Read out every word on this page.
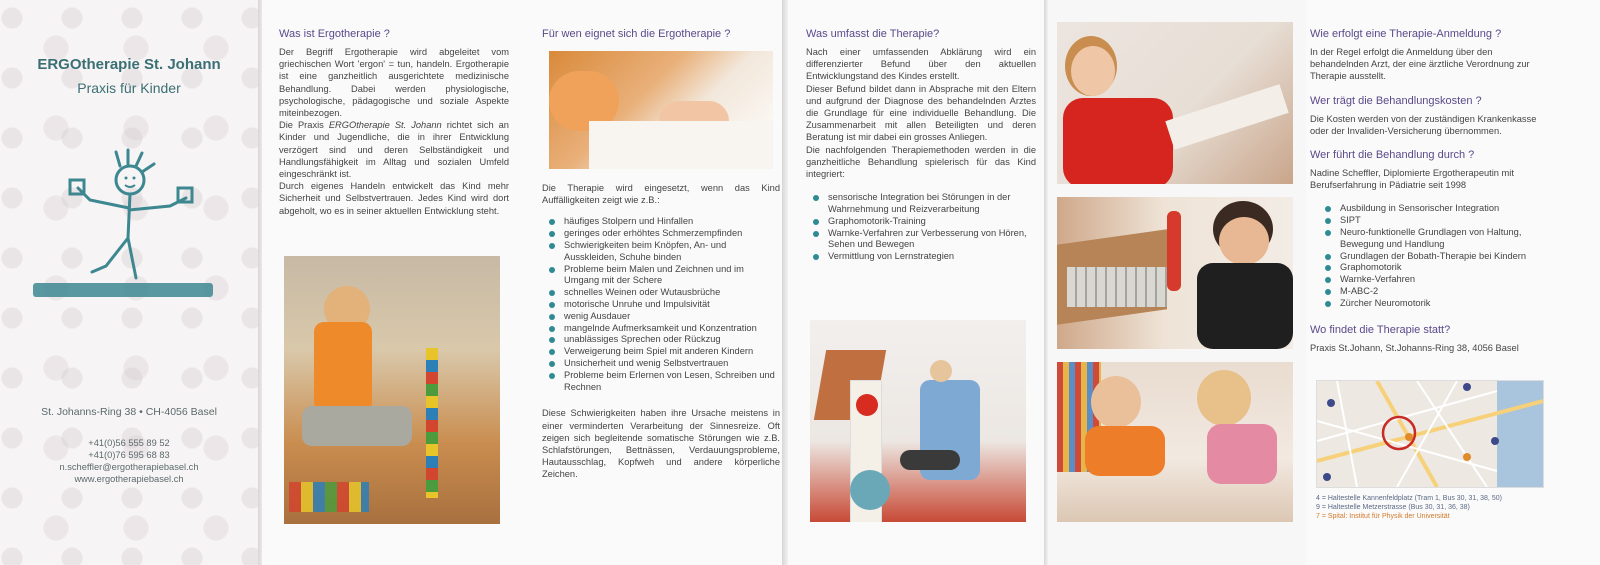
ERGOtherapie St. Johann
Praxis für Kinder
St. Johanns-Ring 38 • CH-4056 Basel
+41(0)56 555 89 52
+41(0)76 595 68 83
n.scheffler@ergotherapiebasel.ch
www.ergotherapiebasel.ch
Was ist Ergotherapie ?

Der Begriff Ergotherapie wird abgeleitet vom griechischen Wort 'ergon' = tun, handeln. Ergotherapie ist eine ganzheitlich ausgerichtete medizinische Behandlung. Dabei werden physiologische, psychologische, pädagogische und soziale Aspekte miteinbezogen.

Die Praxis ERGOtherapie St. Johann richtet sich an Kinder und Jugendliche, die in ihrer Entwicklung verzögert sind und deren Selbständigkeit und Handlungsfähigkeit im Alltag und sozialen Umfeld eingeschränkt ist.

Durch eigenes Handeln entwickelt das Kind mehr Sicherheit und Selbstvertrauen. Jedes Kind wird dort abgeholt, wo es in seiner aktuellen Entwicklung steht.

Für wen eignet sich die Ergotherapie ?

Die Therapie wird eingesetzt, wenn das Kind Auffälligkeiten zeigt wie z.B.:

häufiges Stolpern und Hinfallen
geringes oder erhöhtes Schmerzempfinden
Schwierigkeiten beim Knöpfen, An- und Ausskleiden, Schuhe binden
Probleme beim Malen und Zeichnen und im Umgang mit der Schere
schnelles Weinen oder Wutausbrüche
motorische Unruhe und Impulsivität
wenig Ausdauer
mangelnde Aufmerksamkeit und Konzentration
unablässiges Sprechen oder Rückzug
Verweigerung beim Spiel mit anderen Kindern
Unsicherheit und wenig Selbstvertrauen
Probleme beim Erlernen von Lesen, Schreiben und Rechnen

Diese Schwierigkeiten haben ihre Ursache meistens in einer verminderten Verarbeitung der Sinnesreize. Oft zeigen sich begleitende somatische Störungen wie z.B. Schlafstörungen, Bettnässen, Verdauungsprobleme, Hautausschlag, Kopfweh und andere körperliche Zeichen.

Was umfasst die Therapie?

Nach einer umfassenden Abklärung wird ein differenzierter Befund über den aktuellen Entwicklungstand des Kindes erstellt.

Dieser Befund bildet dann in Absprache mit den Eltern und aufgrund der Diagnose des behandelnden Arztes die Grundlage für eine individuelle Behandlung. Die Zusammenarbeit mit allen Beteiligten und deren Beratung ist mir dabei ein grosses Anliegen.

Die nachfolgenden Therapiemethoden werden in die ganzheitliche Behandlung spielerisch für das Kind integriert:

sensorische Integration bei Störungen in der Wahrnehmung und Reizverarbeitung
Graphomotorik-Training
Warnke-Verfahren zur Verbesserung von Hören, Sehen und Bewegen
Vermittlung von Lernstrategien
Wie erfolgt eine Therapie-Anmeldung ?

In der Regel erfolgt die Anmeldung über den behandelnden Arzt, der eine ärztliche Verordnung zur Therapie ausstellt.

Wer trägt die Behandlungskosten ?

Die Kosten werden von der zuständigen Krankenkasse oder der Invaliden-Versicherung übernommen.

Wer führt die Behandlung durch ?

Nadine Scheffler, Diplomierte Ergotherapeutin mit Berufserfahrung in Pädiatrie seit 1998

Ausbildung in Sensorischer Integration
SIPT
Neuro-funktionelle Grundlagen von Haltung, Bewegung und Handlung
Grundlagen der Bobath-Therapie bei Kindern
Graphomotorik
Warnke-Verfahren
M-ABC-2
Zürcher Neuromotorik
Wo findet die Therapie statt?

Praxis St.Johann, St.Johanns-Ring 38, 4056 Basel

4 = Haltestelle Kannenfeldplatz (Tram 1, Bus 30, 31, 38, 50)
9 = Haltestelle Metzerstrasse (Bus 30, 31, 36, 38)
7 = Spital: Institut für Physik der Universität
